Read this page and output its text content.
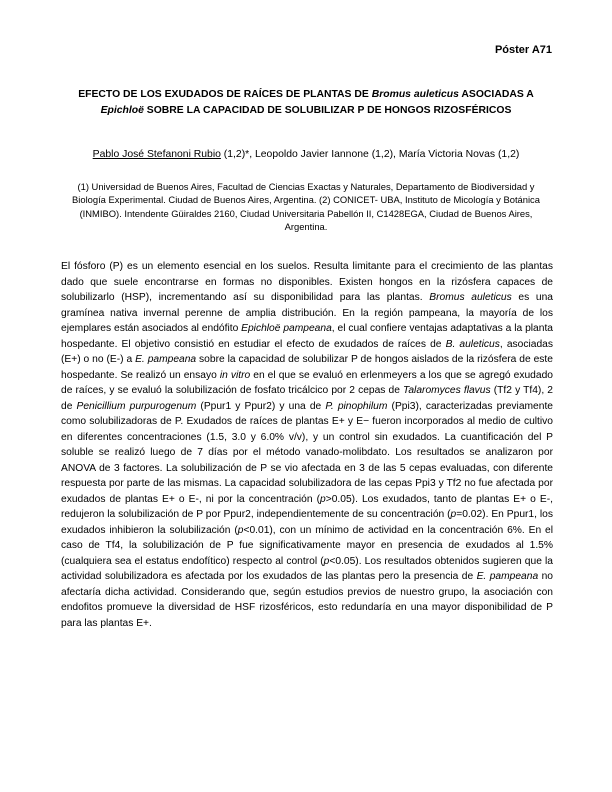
Póster A71
EFECTO DE LOS EXUDADOS DE RAÍCES DE PLANTAS DE Bromus auleticus ASOCIADAS A
Epichloë SOBRE LA CAPACIDAD DE SOLUBILIZAR P DE HONGOS RIZOSFÉRICOS
Pablo José Stefanoni Rubio (1,2)*, Leopoldo Javier Iannone (1,2), María Victoria Novas (1,2)
(1) Universidad de Buenos Aires, Facultad de Ciencias Exactas y Naturales, Departamento de Biodiversidad y Biología Experimental. Ciudad de Buenos Aires, Argentina. (2) CONICET- UBA, Instituto de Micología y Botánica (INMIBO). Intendente Güiraldes 2160, Ciudad Universitaria Pabellón II, C1428EGA, Ciudad de Buenos Aires, Argentina.

El fósforo (P) es un elemento esencial en los suelos. Resulta limitante para el crecimiento de las plantas dado que suele encontrarse en formas no disponibles. Existen hongos en la rizósfera capaces de solubilizarlo (HSP), incrementando así su disponibilidad para las plantas. Bromus auleticus es una gramínea nativa invernal perenne de amplia distribución. En la región pampeana, la mayoría de los ejemplares están asociados al endófito Epichloë pampeana, el cual confiere ventajas adaptativas a la planta hospedante. El objetivo consistió en estudiar el efecto de exudados de raíces de B. auleticus, asociadas (E+) o no (E-) a E. pampeana sobre la capacidad de solubilizar P de hongos aislados de la rizósfera de este hospedante. Se realizó un ensayo in vitro en el que se evaluó en erlenmeyers a los que se agregó exudado de raíces, y se evaluó la solubilización de fosfato tricálcico por 2 cepas de Talaromyces flavus (Tf2 y Tf4), 2 de Penicillium purpurogenum (Ppur1 y Ppur2) y una de P. pinophilum (Ppi3), caracterizadas previamente como solubilizadoras de P. Exudados de raíces de plantas E+ y E− fueron incorporados al medio de cultivo en diferentes concentraciones (1.5, 3.0 y 6.0% v/v), y un control sin exudados. La cuantificación del P soluble se realizó luego de 7 días por el método vanado-molibdato. Los resultados se analizaron por ANOVA de 3 factores. La solubilización de P se vio afectada en 3 de las 5 cepas evaluadas, con diferente respuesta por parte de las mismas. La capacidad solubilizadora de las cepas Ppi3 y Tf2 no fue afectada por exudados de plantas E+ o E-, ni por la concentración (p>0.05). Los exudados, tanto de plantas E+ o E-, redujeron la solubilización de P por Ppur2, independientemente de su concentración (p=0.02). En Ppur1, los exudados inhibieron la solubilización (p<0.01), con un mínimo de actividad en la concentración 6%. En el caso de Tf4, la solubilización de P fue significativamente mayor en presencia de exudados al 1.5% (cualquiera sea el estatus endofítico) respecto al control (p<0.05). Los resultados obtenidos sugieren que la actividad solubilizadora es afectada por los exudados de las plantas pero la presencia de E. pampeana no afectaría dicha actividad. Considerando que, según estudios previos de nuestro grupo, la asociación con endofitos promueve la diversidad de HSF rizosféricos, esto redundaría en una mayor disponibilidad de P para las plantas E+.
